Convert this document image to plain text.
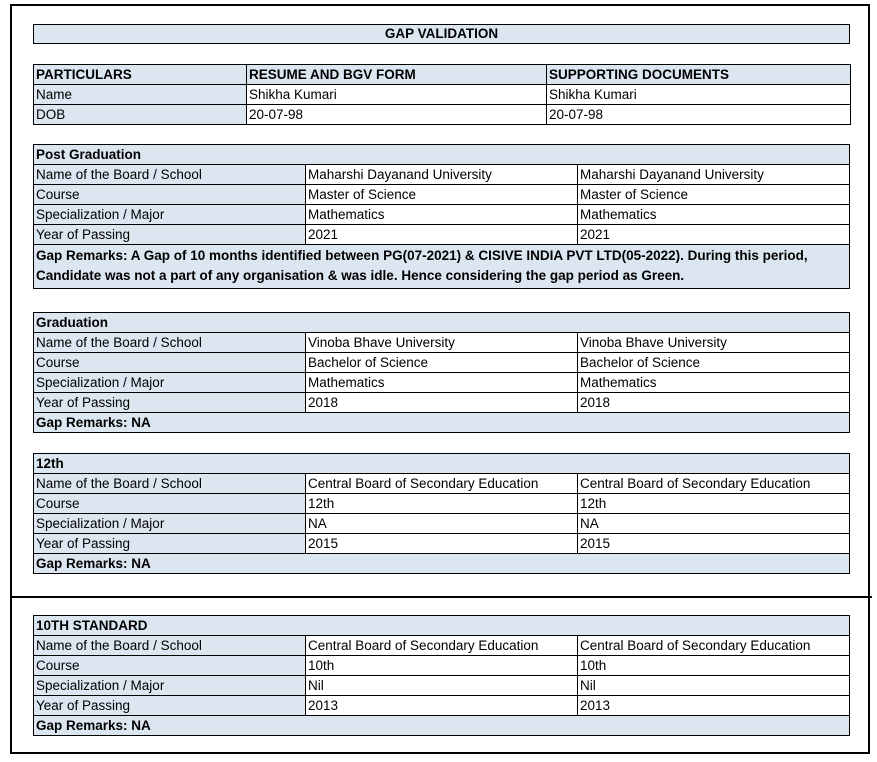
GAP VALIDATION
PARTICULARS	RESUME AND BGV FORM	SUPPORTING DOCUMENTS
Name	Shikha Kumari	Shikha Kumari
DOB	20-07-98	20-07-98
Post Graduation		
Name of the Board / School	Maharshi Dayanand University	Maharshi Dayanand University
Course	Master of Science	Master of Science
Specialization / Major	Mathematics	Mathematics
Year of Passing	2021	2021
Gap Remarks: A Gap of 10 months identified between PG(07-2021) & CISIVE INDIA PVT LTD(05-2022). During this period, Candidate was not a part of any organisation & was idle. Hence considering the gap period as Green.		
Graduation		
Name of the Board / School	Vinoba Bhave University	Vinoba Bhave University
Course	Bachelor of Science	Bachelor of Science
Specialization / Major	Mathematics	Mathematics
Year of Passing	2018	2018
Gap Remarks: NA		
12th		
Name of the Board / School	Central Board of Secondary Education	Central Board of Secondary Education
Course	12th	12th
Specialization / Major	NA	NA
Year of Passing	2015	2015
Gap Remarks: NA		
10TH STANDARD		
Name of the Board / School	Central Board of Secondary Education	Central Board of Secondary Education
Course	10th	10th
Specialization / Major	Nil	Nil
Year of Passing	2013	2013
Gap Remarks: NA		
